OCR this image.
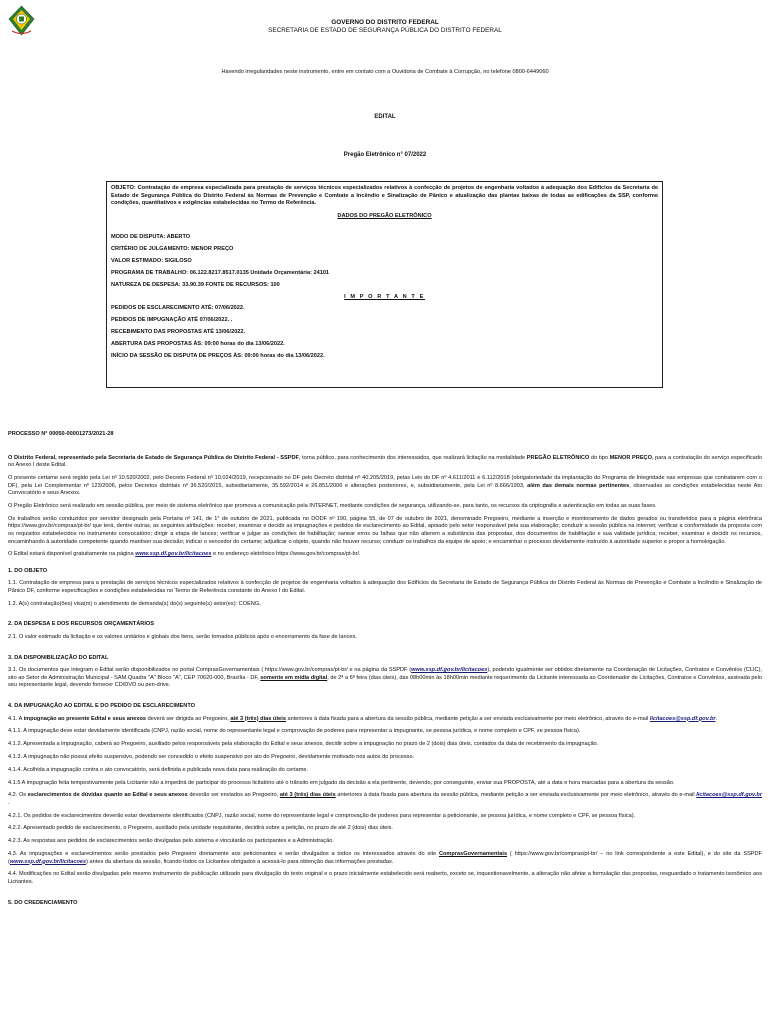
GOVERNO DO DISTRITO FEDERAL
SECRETARIA DE ESTADO DE SEGURANÇA PÚBLICA DO DISTRITO FEDERAL
Havendo irregularidades neste instrumento, entre em contato com a Ouvidoria de Combate à Corrupção, no telefone 0800-6449060
EDITAL
Pregão Eletrônico n° 07/2022
OBJETO: Contratação de empresa especializada para prestação de serviços técnicos especializados relativos à confecção de projetos de engenharia voltados à adequação dos Edifícios da Secretaria de Estado de Segurança Pública do Distrito Federal às Normas de Prevenção e Combate a Incêndio e Sinalização de Pânico e atualização das plantas baixas de todas as edificações da SSP, conforme condições, quantitativos e exigências estabelecidas no Termo de Referência.
DADOS DO PREGÃO ELETRÔNICO
MODO DE DISPUTA: ABERTO
CRITÉRIO DE JULGAMENTO: MENOR PREÇO
VALOR ESTIMADO: SIGILOSO
PROGRAMA DE TRABALHO: 06.122.8217.8517.0135 Unidade Orçamentária: 24101
NATUREZA DE DESPESA: 33.90.39 FONTE DE RECURSOS: 100
I M P O R T A N T E
PEDIDOS DE ESCLARECIMENTO ATÉ: 07/06/2022.
PEDIDOS DE IMPUGNAÇÃO ATÉ 07/06/2022. .
RECEBIMENTO DAS PROPOSTAS ATÉ 13/06/2022.
ABERTURA DAS PROPOSTAS ÀS: 09:00 horas do dia 13/06/2022.
INÍCIO DA SESSÃO DE DISPUTA DE PREÇOS ÀS: 09:00 horas do dia 13/06/2022.

PROCESSO N° 00050-00001273/2021-28

O Distrito Federal, representado pela Secretaria de Estado de Segurança Pública do Distrito Federal - SSPDF, torna público, para conhecimento dos interessados, que realizará licitação na modalidade PREGÃO ELETRÔNICO do tipo MENOR PREÇO, para a contratação do serviço especificado no Anexo I deste Edital.

O presente certame será regido pela Lei nº 10.520/2002, pelo Decreto Federal nº 10.024/2019, recepcionado no DF pelo Decreto distrital nº 40.205/2019, pelas Leis do DF nº 4.611/2011 e 6.112/2018 (obrigatoriedade da implantação do Programa de Integridade nas empresas que contratarem com o DF), pela Lei Complementar nº 123/2006, pelos Decretos distritais nº 36.520/2015, subsidiariamente, 35.592/2014 e 26.851/2006 e alterações posteriores, e, subsidiariamente, pela Lei nº 8.666/1993, além das demais normas pertinentes, observadas as condições estabelecidas neste Ato Convocatório e seus Anexos.

O Pregão Eletrônico será realizado em sessão pública, por meio de sistema eletrônico que promova a comunicação pela INTERNET, mediante condições de segurança, utilizando-se, para tanto, os recursos da criptografia e autenticação em todas as suas fases.

Os trabalhos serão conduzidos por servidor designado pela Portaria nº 141, de 1° de outubro de 2021, publicada no DODF nº 190, página 55, de 07 de outubro de 2021, denominado Pregoeiro, mediante a inserção e monitoramento de dados gerados ou transferidos para a página eletrônica https://www.gov.br/compras/pt-br/ que terá, dentre outras, as seguintes atribuições: receber, examinar e decidir as impugnações e pedidos de esclarecimento ao Edital, apoiado pelo setor responsável pela sua elaboração; conduzir a sessão pública na internet; verificar a conformidade da proposta com os requisitos estabelecidos no instrumento convocatório; dirigir a etapa de lances; verificar e julgar as condições de habilitação; sanear erros ou falhas que não alterem a substância das propostas, dos documentos de habilitação e sua validade jurídica; receber, examinar e decidir os recursos, encaminhando à autoridade competente quando mantiver sua decisão; indicar o vencedor do certame; adjudicar o objeto, quando não houver recurso; conduzir os trabalhos da equipe de apoio; e encaminhar o processo devidamente instruído à autoridade superior e propor a homologação.

O Edital estará disponível gratuitamente na página www.ssp.df.gov.br/licitacoes e no endereço eletrônico https://www.gov.br/compras/pt-br/.

1. DO OBJETO

1.1. Contratação de empresa para a prestação de serviços técnicos especializados relativos à confecção de projetos de engenharia voltados à adequação dos Edifícios da Secretaria de Estado de Segurança Pública do Distrito Federal às Normas de Prevenção e Combate a Incêndio e Sinalização de Pânico DF, conforme especificações e condições estabelecidas no Termo de Referência constante do Anexo I do Edital.

1.2. A(s) contratação(ões) visa(m) o atendimento de demanda(s) do(s) seguinte(s) setor(es): COENG.

2. DA DESPESA E DOS RECURSOS ORÇAMENTÁRIOS

2.1. O valor estimado da licitação e os valores unitários e globais dos itens, serão tornados públicos após o encerramento da fase de lances.

3. DA DISPONIBILIZAÇÃO DO EDITAL

3.1. Os documentos que integram o Edital serão disponibilizados no portal ComprasGovernamentais ( https://www.gov.br/compras/pt-br/ e na página da SSPDF (www.ssp.df.gov.br/licitacoes), podendo igualmente ser obtidos diretamente na Coordenação de Licitações, Contratos e Convênios (CLIC), sito ao Setor de Administração Municipal - SAM Quadra "A" Bloco "A", CEP 70620-000, Brasília - DF, somente em mídia digital, de 2ª a 6ª feira (dias úteis), das 08h00min às 18h00min mediante requerimento da Licitante interessada ao Coordenador de Licitações, Contratos e Convênios, assinada pelo seu representante legal, devendo fornecer CD/DVD ou pen-drive.

4. DA IMPUGNAÇÃO AO EDITAL E DO PEDIDO DE ESCLARECIMENTO

4.1. A impugnação ao presente Edital e seus anexos deverá ser dirigida ao Pregoeiro, até 3 (três) dias úteis anteriores à data fixada para a abertura da sessão pública, mediante petição a ser enviada exclusivamente por meio eletrônico, através do e-mail licitacoes@ssp.df.gov.br.

4.1.1. A impugnação deve estar devidamente identificada (CNPJ, razão social, nome do representante legal e comprovação de poderes para representar a impugnante, se pessoa jurídica, e nome completo e CPF, se pessoa física).

4.1.2. Apresentada a impugnação, caberá ao Pregoeiro, auxiliado pelos responsáveis pela elaboração do Edital e seus anexos, decidir sobre a impugnação no prazo de 2 (dois) dias úteis, contados da data de recebimento da impugnação.

4.1.3. A impugnação não possui efeito suspensivo, podendo ser concedido o efeito suspensivo por ato do Pregoeiro, devidamente motivado nos autos do processo.

4.1.4. Acolhida a impugnação contra o ato convocatório, será definida e publicada nova data para realização do certame.

4.1.5 A impugnação feita tempestivamente pela Licitante não a impedirá de participar do processo licitatório até o trânsito em julgado da decisão a ela pertinente, devendo, por conseguinte, enviar sua PROPOSTA, até a data e hora marcadas para a abertura da sessão.

4.2. Os esclarecimentos de dúvidas quanto ao Edital e seus anexos deverão ser enviados ao Pregoeiro, até 3 (três) dias úteis anteriores à data fixada para abertura da sessão pública, mediante petição a ser enviada exclusivamente por meio eletrônico, através do e-mail licitacoes@ssp.df.gov.br .

4.2.1. Os pedidos de esclarecimentos deverão estar devidamente identificados (CNPJ, razão social, nome do representante legal e comprovação de poderes para representar a peticionante, se pessoa jurídica, e nome completo e CPF, se pessoa física).

4.2.2. Apresentado pedido de esclarecimento, o Pregoeiro, auxiliado pela unidade requisitante, decidirá sobre a petição, no prazo de até 2 (dois) dias úteis.

4.2.3. As respostas aos pedidos de esclarecimentos serão divulgadas pelo sistema e vincularão os participantes e a Administração.

4.3. As impugnações e esclarecimentos serão prestados pelo Pregoeiro diretamente aos peticionantes e serão divulgados a todos os interessados através do site ComprasGovernamentais ( https://www.gov.br/compras/pt-br/ – no link correspondente a este Edital), e do site da SSPDF (www.ssp.df.gov.br/licitacoes) antes da abertura da sessão, ficando todos os Licitantes obrigados a acessá-lo para obtenção das informações prestadas.

4.4. Modificações no Edital serão divulgadas pelo mesmo instrumento de publicação utilizado para divulgação do texto original e o prazo inicialmente estabelecido será reaberto, exceto se, inquestionavelmente, a alteração não afetar a formulação das propostas, resguardado o tratamento isonômico aos Licitantes.

5. DO CREDENCIAMENTO
